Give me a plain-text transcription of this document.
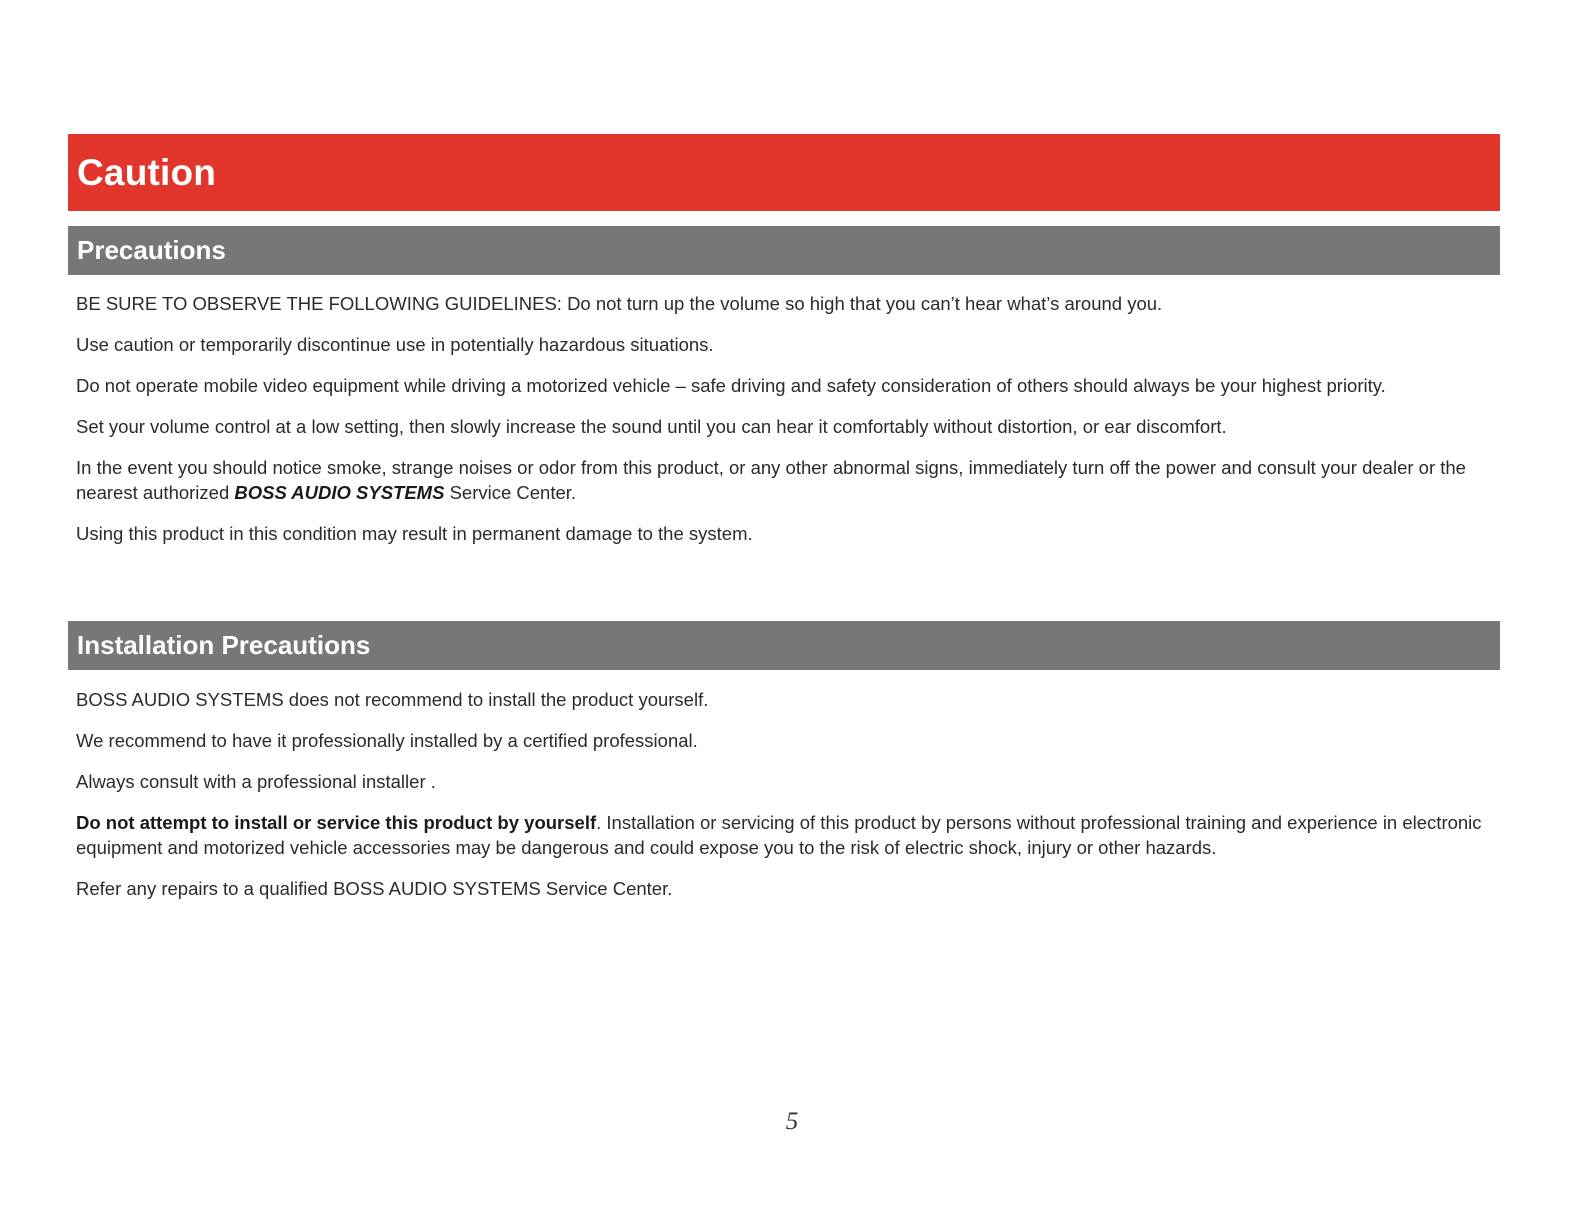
Caution
Precautions

BE SURE TO OBSERVE THE FOLLOWING GUIDELINES: Do not turn up the volume so high that you can’t hear what’s around you.

Use caution or temporarily discontinue use in potentially hazardous situations.

Do not operate mobile video equipment while driving a motorized vehicle – safe driving and safety consideration of others should always be your highest priority.

Set your volume control at a low setting, then slowly increase the sound until you can hear it comfortably without distortion, or ear discomfort.

In the event you should notice smoke, strange noises or odor from this product, or any other abnormal signs, immediately turn off the power and consult your dealer or the nearest authorized BOSS AUDIO SYSTEMS Service Center.

Using this product in this condition may result in permanent damage to the system.

Installation Precautions

BOSS AUDIO SYSTEMS does not recommend to install the product yourself.

We recommend to have it professionally installed by a certified professional.

Always consult with a professional installer .

Do not attempt to install or service this product by yourself. Installation or servicing of this product by persons without professional training and experience in electronic equipment and motorized vehicle accessories may be dangerous and could expose you to the risk of electric shock, injury or other hazards.

Refer any repairs to a qualified BOSS AUDIO SYSTEMS Service Center.

5
